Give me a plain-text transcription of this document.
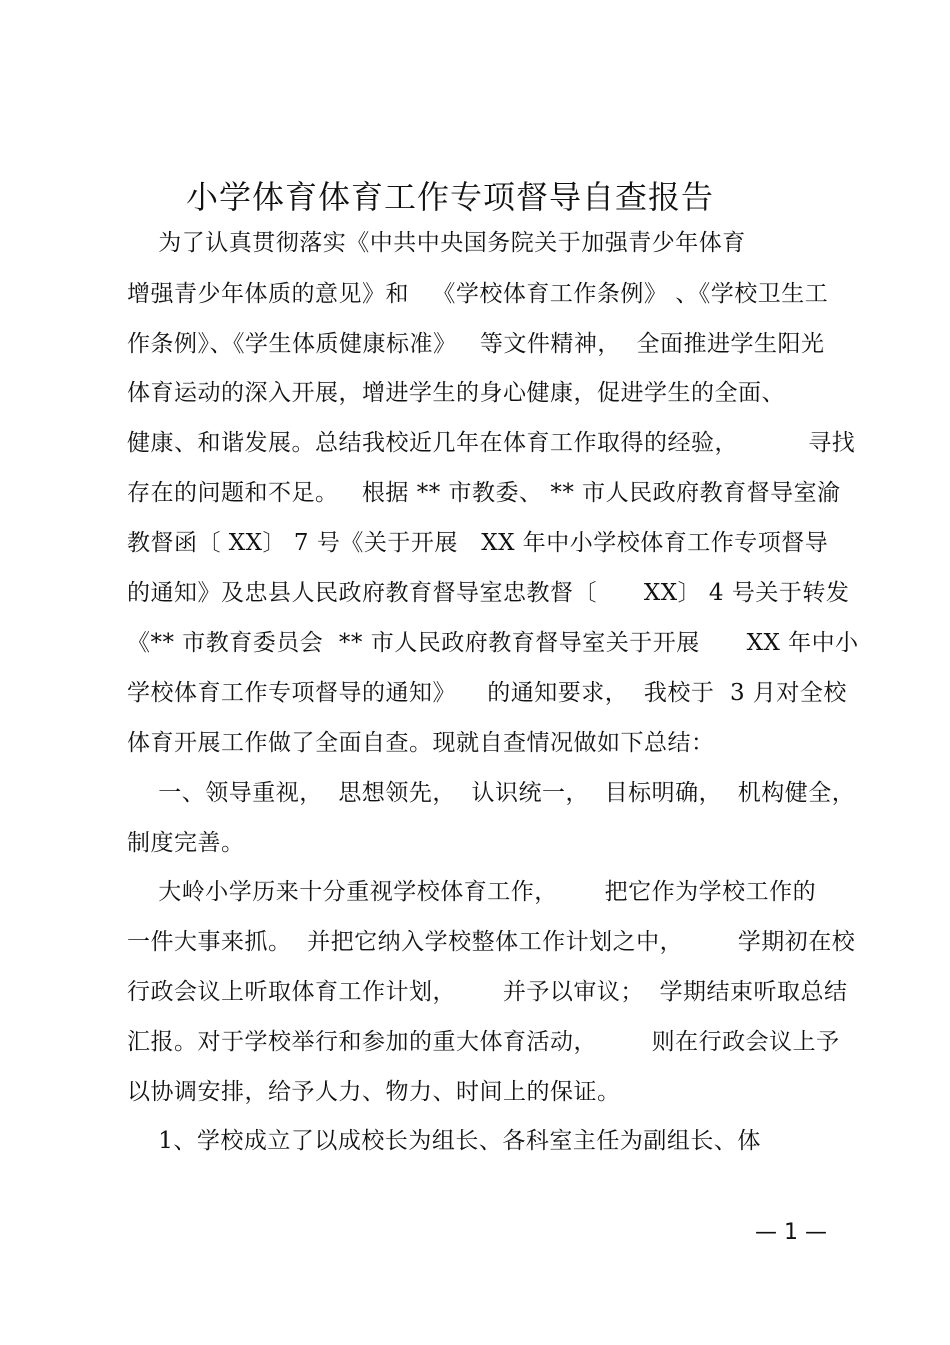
小学体育体育工作专项督导自查报告
为了认真贯彻落实《中共中央国务院关于加强青少年体育
增强青少年体质的意见》和   《学校体育工作条例》 、《学校卫生工
作条例》、《学生体质健康标准》   等文件精神，  全面推进学生阳光
体育运动的深入开展，增进学生的身心健康，促进学生的全面、
健康、和谐发展。总结我校近几年在体育工作取得的经验，         寻找
存在的问题和不足。   根据 ** 市教委、 ** 市人民政府教育督导室渝
教督函〔 XX〕 7 号《关于开展   XX 年中小学校体育工作专项督导
的通知》及忠县人民政府教育督导室忠教督〔      XX〕 4 号关于转发
《** 市教育委员会  ** 市人民政府教育督导室关于开展      XX 年中小
学校体育工作专项督导的通知》    的通知要求，  我校于  3 月对全校
体育开展工作做了全面自查。现就自查情况做如下总结：
一、领导重视，  思想领先，  认识统一，  目标明确，  机构健全，
制度完善。
大岭小学历来十分重视学校体育工作，      把它作为学校工作的
一件大事来抓。  并把它纳入学校整体工作计划之中，       学期初在校
行政会议上听取体育工作计划，      并予以审议；  学期结束听取总结
汇报。对于学校举行和参加的重大体育活动，       则在行政会议上予
以协调安排，给予人力、物力、时间上的保证。
1、学校成立了以成校长为组长、各科室主任为副组长、体
— 1 —
